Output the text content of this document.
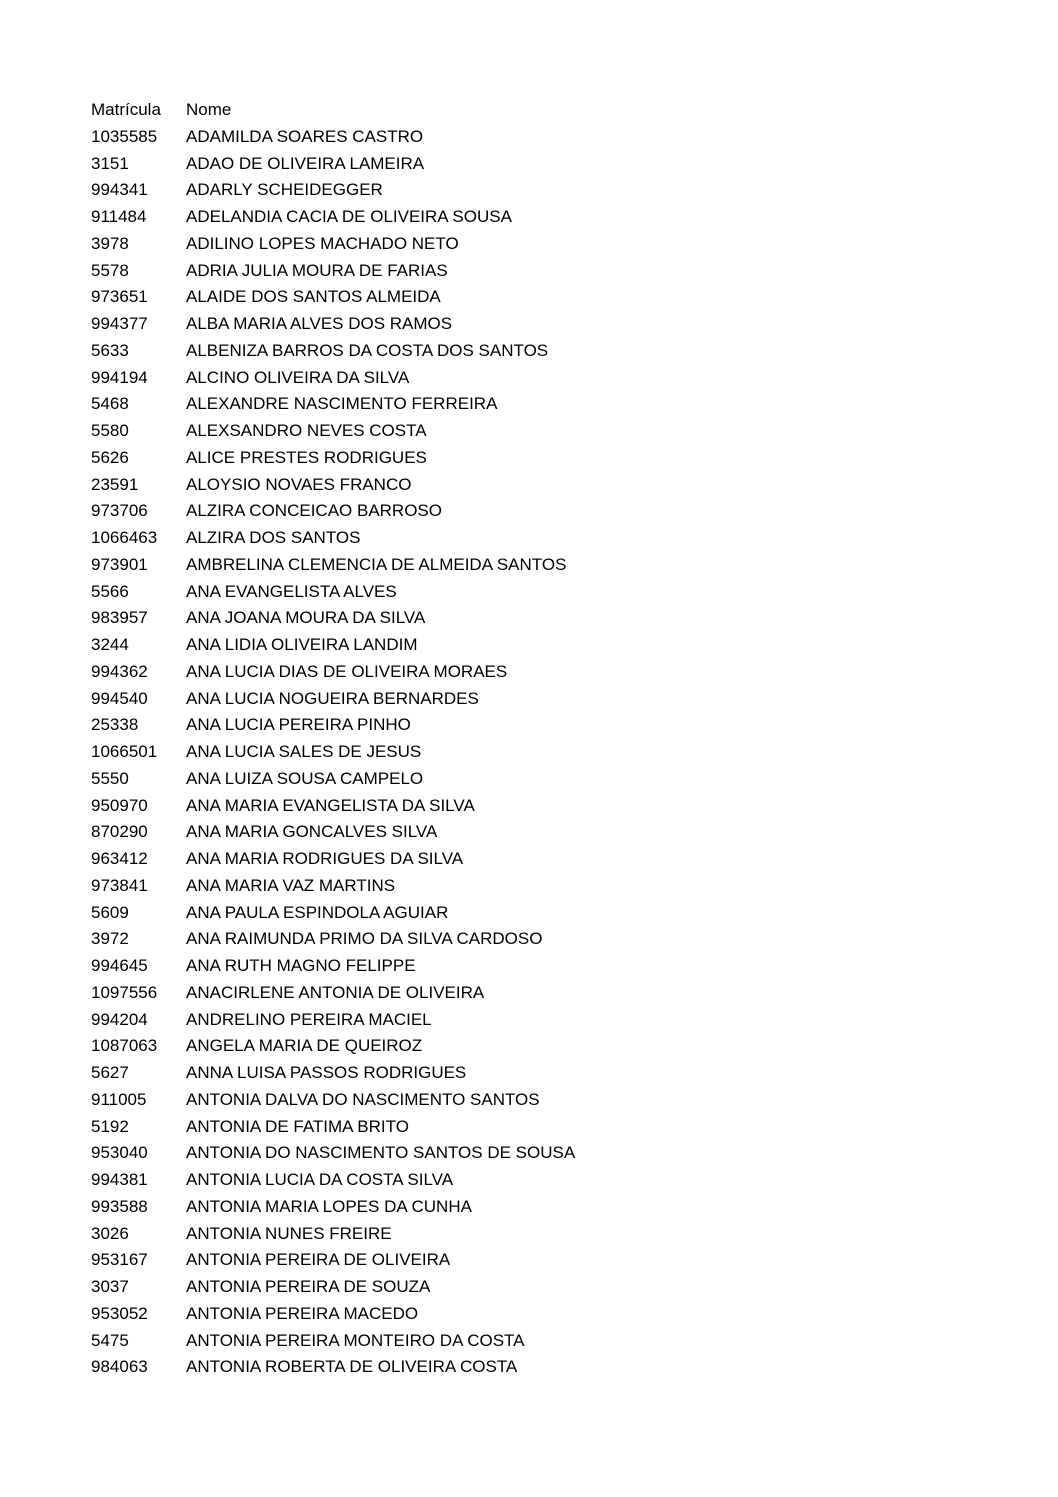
Matrícula	Nome
1035585	ADAMILDA SOARES CASTRO
3151	ADAO DE OLIVEIRA LAMEIRA
994341	ADARLY SCHEIDEGGER
911484	ADELANDIA CACIA DE OLIVEIRA SOUSA
3978	ADILINO LOPES MACHADO NETO
5578	ADRIA JULIA MOURA DE FARIAS
973651	ALAIDE DOS SANTOS ALMEIDA
994377	ALBA MARIA ALVES DOS RAMOS
5633	ALBENIZA BARROS DA COSTA DOS SANTOS
994194	ALCINO OLIVEIRA DA SILVA
5468	ALEXANDRE NASCIMENTO FERREIRA
5580	ALEXSANDRO NEVES COSTA
5626	ALICE PRESTES RODRIGUES
23591	ALOYSIO NOVAES FRANCO
973706	ALZIRA CONCEICAO BARROSO
1066463	ALZIRA DOS SANTOS
973901	AMBRELINA CLEMENCIA DE ALMEIDA SANTOS
5566	ANA EVANGELISTA ALVES
983957	ANA JOANA MOURA DA SILVA
3244	ANA LIDIA OLIVEIRA LANDIM
994362	ANA LUCIA DIAS DE OLIVEIRA MORAES
994540	ANA LUCIA NOGUEIRA BERNARDES
25338	ANA LUCIA PEREIRA PINHO
1066501	ANA LUCIA SALES DE JESUS
5550	ANA LUIZA SOUSA CAMPELO
950970	ANA MARIA EVANGELISTA DA SILVA
870290	ANA MARIA GONCALVES SILVA
963412	ANA MARIA RODRIGUES DA SILVA
973841	ANA MARIA VAZ MARTINS
5609	ANA PAULA ESPINDOLA AGUIAR
3972	ANA RAIMUNDA PRIMO DA SILVA CARDOSO
994645	ANA RUTH MAGNO FELIPPE
1097556	ANACIRLENE ANTONIA DE OLIVEIRA
994204	ANDRELINO PEREIRA MACIEL
1087063	ANGELA MARIA DE QUEIROZ
5627	ANNA LUISA PASSOS RODRIGUES
911005	ANTONIA DALVA DO NASCIMENTO SANTOS
5192	ANTONIA DE FATIMA BRITO
953040	ANTONIA DO NASCIMENTO SANTOS DE SOUSA
994381	ANTONIA LUCIA DA COSTA SILVA
993588	ANTONIA MARIA LOPES DA CUNHA
3026	ANTONIA NUNES FREIRE
953167	ANTONIA PEREIRA DE OLIVEIRA
3037	ANTONIA PEREIRA DE SOUZA
953052	ANTONIA PEREIRA MACEDO
5475	ANTONIA PEREIRA MONTEIRO DA COSTA
984063	ANTONIA ROBERTA DE OLIVEIRA COSTA
